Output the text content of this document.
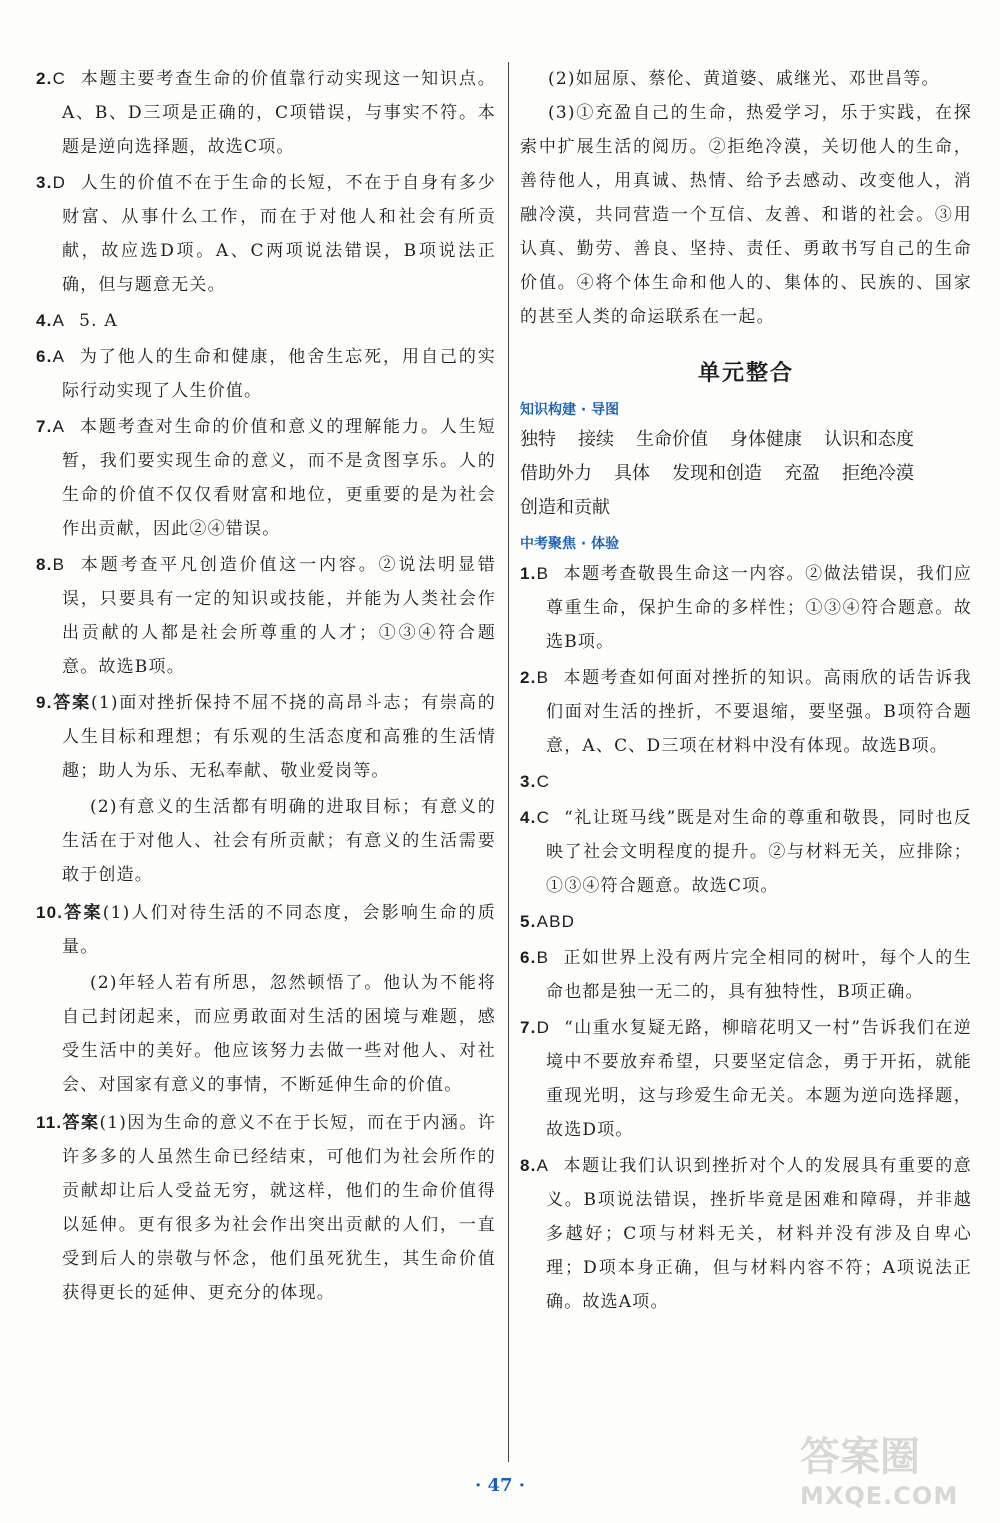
2.C 本题主要考查生命的价值靠行动实现这一知识点。A、B、D三项是正确的，C项错误，与事实不符。本题是逆向选择题，故选C项。
3.D 人生的价值不在于生命的长短，不在于自身有多少财富、从事什么工作，而在于对他人和社会有所贡献，故应选D项。A、C两项说法错误，B项说法正确，但与题意无关。
4.A 5. A
6.A 为了他人的生命和健康，他舍生忘死，用自己的实际行动实现了人生价值。
7.A 本题考查对生命的价值和意义的理解能力。人生短暂，我们要实现生命的意义，而不是贪图享乐。人的生命的价值不仅仅看财富和地位，更重要的是为社会作出贡献，因此②④错误。
8.B 本题考查平凡创造价值这一内容。②说法明显错误，只要具有一定的知识或技能，并能为人类社会作出贡献的人都是社会所尊重的人才；①③④符合题意。故选B项。
9.答案(1)面对挫折保持不屈不挠的高昂斗志；有崇高的人生目标和理想；有乐观的生活态度和高雅的生活情趣；助人为乐、无私奉献、敬业爱岗等。
(2)有意义的生活都有明确的进取目标；有意义的生活在于对他人、社会有所贡献；有意义的生活需要敢于创造。
10.答案(1)人们对待生活的不同态度，会影响生命的质量。
(2)年轻人若有所思，忽然顿悟了。他认为不能将自己封闭起来，而应勇敢面对生活的困境与难题，感受生活中的美好。他应该努力去做一些对他人、对社会、对国家有意义的事情，不断延伸生命的价值。
11.答案(1)因为生命的意义不在于长短，而在于内涵。许许多多的人虽然生命已经结束，可他们为社会所作的贡献却让后人受益无穷，就这样，他们的生命价值得以延伸。更有很多为社会作出突出贡献的人们，一直受到后人的崇敬与怀念，他们虽死犹生，其生命价值获得更长的延伸、更充分的体现。
(2)如屈原、蔡伦、黄道婆、戚继光、邓世昌等。
(3)①充盈自己的生命，热爱学习，乐于实践，在探索中扩展生活的阅历。②拒绝冷漠，关切他人的生命，善待他人，用真诚、热情、给予去感动、改变他人，消融冷漠，共同营造一个互信、友善、和谐的社会。③用认真、勤劳、善良、坚持、责任、勇敢书写自己的生命价值。④将个体生命和他人的、集体的、民族的、国家的甚至人类的命运联系在一起。
单元整合
知识构建 · 导图
独特 接续 生命价值 身体健康 认识和态度
借助外力 具体 发现和创造 充盈 拒绝冷漠
创造和贡献
中考聚焦 · 体验
1.B 本题考查敬畏生命这一内容。②做法错误，我们应尊重生命，保护生命的多样性；①③④符合题意。故选B项。
2.B 本题考查如何面对挫折的知识。高雨欣的话告诉我们面对生活的挫折，不要退缩，要坚强。B项符合题意，A、C、D三项在材料中没有体现。故选B项。
3.C
4.C “礼让斑马线”既是对生命的尊重和敬畏，同时也反映了社会文明程度的提升。②与材料无关，应排除；①③④符合题意。故选C项。
5.ABD
6.B 正如世界上没有两片完全相同的树叶，每个人的生命也都是独一无二的，具有独特性，B项正确。
7.D “山重水复疑无路，柳暗花明又一村”告诉我们在逆境中不要放弃希望，只要坚定信念，勇于开拓，就能重现光明，这与珍爱生命无关。本题为逆向选择题，故选D项。
8.A 本题让我们认识到挫折对个人的发展具有重要的意义。B项说法错误，挫折毕竟是困难和障碍，并非越多越好；C项与材料无关，材料并没有涉及自卑心理；D项本身正确，但与材料内容不符；A项说法正确。故选A项。
· 47 ·
答案圈
MXQE.COM
